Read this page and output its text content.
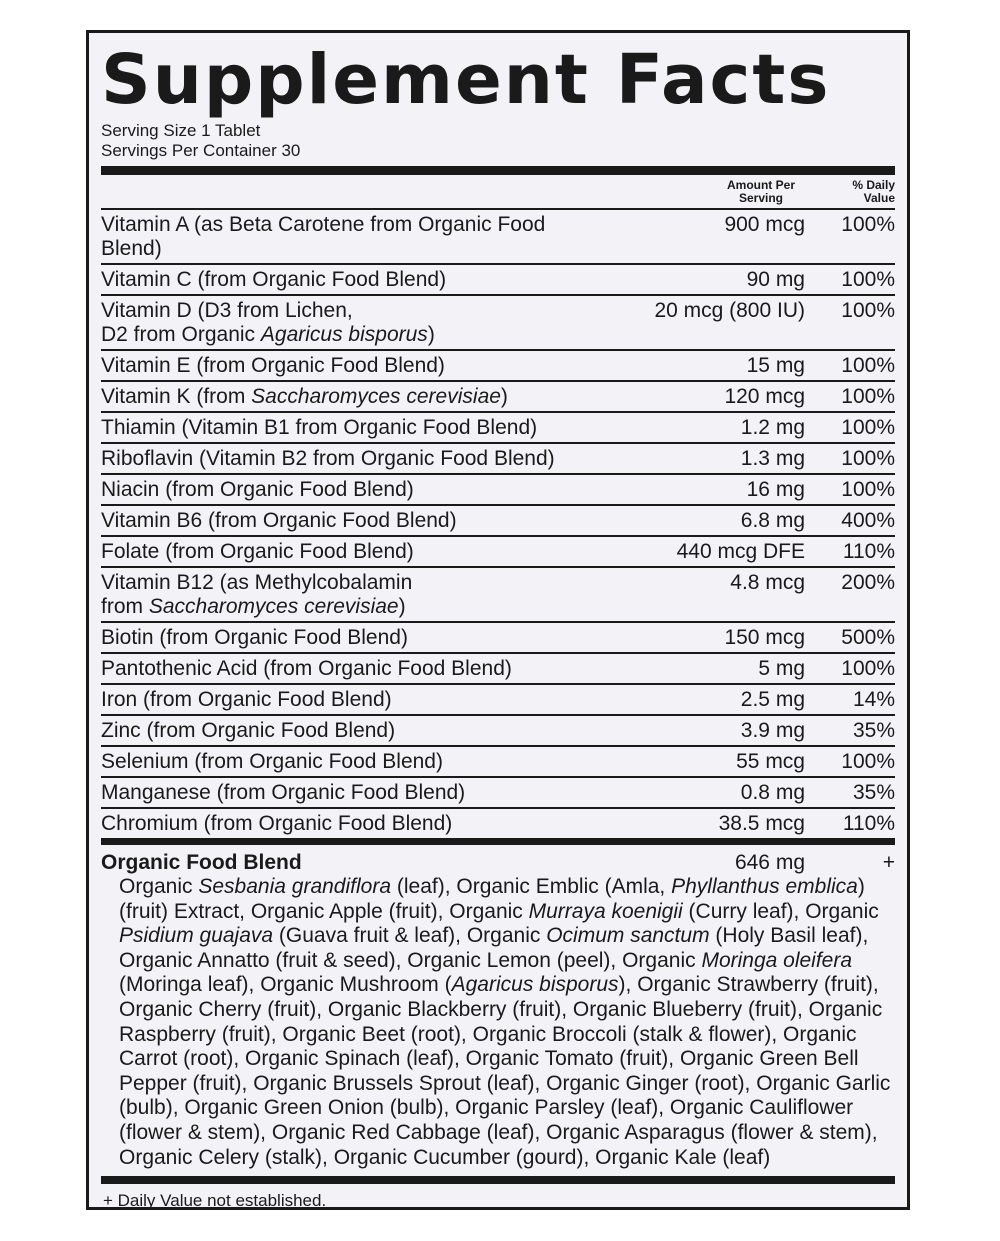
Supplement Facts
Serving Size 1 Tablet
Servings Per Container 30
Amount Per
Serving
% Daily
Value
Vitamin A (as Beta Carotene from Organic Food Blend)
900 mcg	100%
Vitamin C (from Organic Food Blend)	90 mg	100%
Vitamin D (D3 from Lichen,
D2 from Organic Agaricus bisporus)
20 mcg (800 IU)	100%
Vitamin E (from Organic Food Blend)	15 mg	100%
Vitamin K (from Saccharomyces cerevisiae)	120 mcg	100%
Thiamin (Vitamin B1 from Organic Food Blend)	1.2 mg	100%
Riboflavin (Vitamin B2 from Organic Food Blend)	1.3 mg	100%
Niacin (from Organic Food Blend)	16 mg	100%
Vitamin B6 (from Organic Food Blend)	6.8 mg	400%
Folate (from Organic Food Blend)	440 mcg DFE	110%
Vitamin B12 (as Methylcobalamin
from Saccharomyces cerevisiae)
4.8 mcg	200%
Biotin (from Organic Food Blend)	150 mcg	500%
Pantothenic Acid (from Organic Food Blend)	5 mg	100%
Iron (from Organic Food Blend)	2.5 mg	14%
Zinc (from Organic Food Blend)	3.9 mg	35%
Selenium (from Organic Food Blend)	55 mcg	100%
Manganese (from Organic Food Blend)	0.8 mg	35%
Chromium (from Organic Food Blend)	38.5 mcg	110%
Organic Food Blend	646 mg	+
Organic Sesbania grandiflora (leaf), Organic Emblic (Amla, Phyllanthus emblica) (fruit) Extract, Organic Apple (fruit), Organic Murraya koenigii (Curry leaf), Organic Psidium guajava (Guava fruit & leaf), Organic Ocimum sanctum (Holy Basil leaf), Organic Annatto (fruit & seed), Organic Lemon (peel), Organic Moringa oleifera (Moringa leaf), Organic Mushroom (Agaricus bisporus), Organic Strawberry (fruit), Organic Cherry (fruit), Organic Blackberry (fruit), Organic Blueberry (fruit), Organic Raspberry (fruit), Organic Beet (root), Organic Broccoli (stalk & flower), Organic Carrot (root), Organic Spinach (leaf), Organic Tomato (fruit), Organic Green Bell Pepper (fruit), Organic Brussels Sprout (leaf), Organic Ginger (root), Organic Garlic (bulb), Organic Green Onion (bulb), Organic Parsley (leaf), Organic Cauliflower (flower & stem), Organic Red Cabbage (leaf), Organic Asparagus (flower & stem), Organic Celery (stalk), Organic Cucumber (gourd), Organic Kale (leaf)
+ Daily Value not established.
